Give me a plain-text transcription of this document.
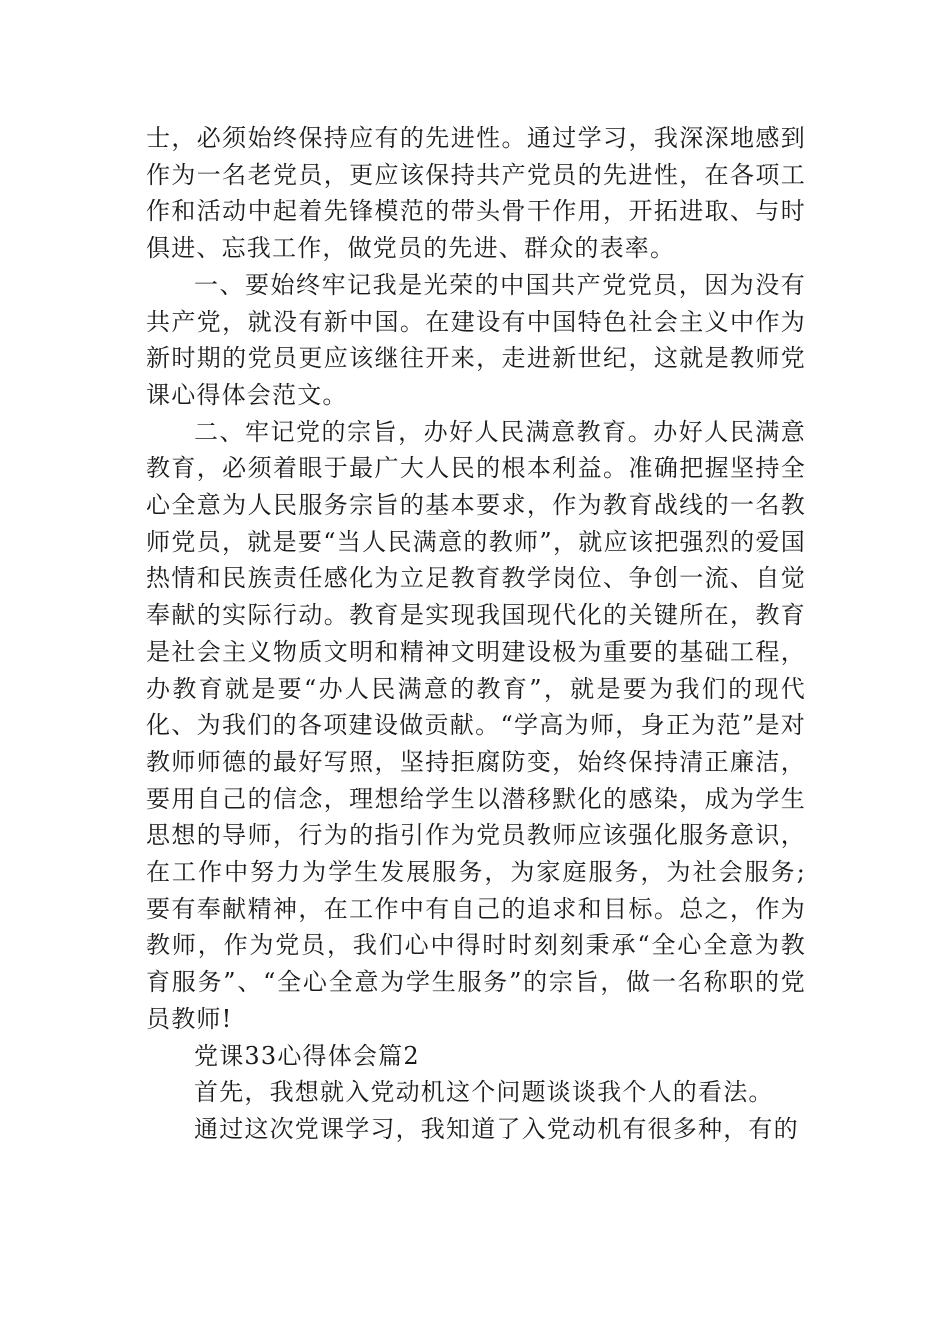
士，必须始终保持应有的先进性。通过学习，我深深地感到作为一名老党员，更应该保持共产党员的先进性，在各项工作和活动中起着先锋模范的带头骨干作用，开拓进取、与时俱进、忘我工作，做党员的先进、群众的表率。

一、要始终牢记我是光荣的中国共产党党员，因为没有共产党，就没有新中国。在建设有中国特色社会主义中作为新时期的党员更应该继往开来，走进新世纪，这就是教师党课心得体会范文。

二、牢记党的宗旨，办好人民满意教育。办好人民满意教育，必须着眼于最广大人民的根本利益。准确把握坚持全心全意为人民服务宗旨的基本要求，作为教育战线的一名教师党员，就是要“当人民满意的教师”，就应该把强烈的爱国热情和民族责任感化为立足教育教学岗位、争创一流、自觉奉献的实际行动。教育是实现我国现代化的关键所在，教育是社会主义物质文明和精神文明建设极为重要的基础工程，办教育就是要“办人民满意的教育”，就是要为我们的现代化、为我们的各项建设做贡献。“学高为师，身正为范”是对教师师德的最好写照，坚持拒腐防变，始终保持清正廉洁，要用自己的信念，理想给学生以潜移默化的感染，成为学生思想的导师，行为的指引作为党员教师应该强化服务意识，在工作中努力为学生发展服务，为家庭服务，为社会服务;要有奉献精神，在工作中有自己的追求和目标。总之，作为教师，作为党员，我们心中得时时刻刻秉承“全心全意为教育服务”、“全心全意为学生服务”的宗旨，做一名称职的党员教师!

党课33心得体会篇2

首先，我想就入党动机这个问题谈谈我个人的看法。

通过这次党课学习，我知道了入党动机有很多种，有的
